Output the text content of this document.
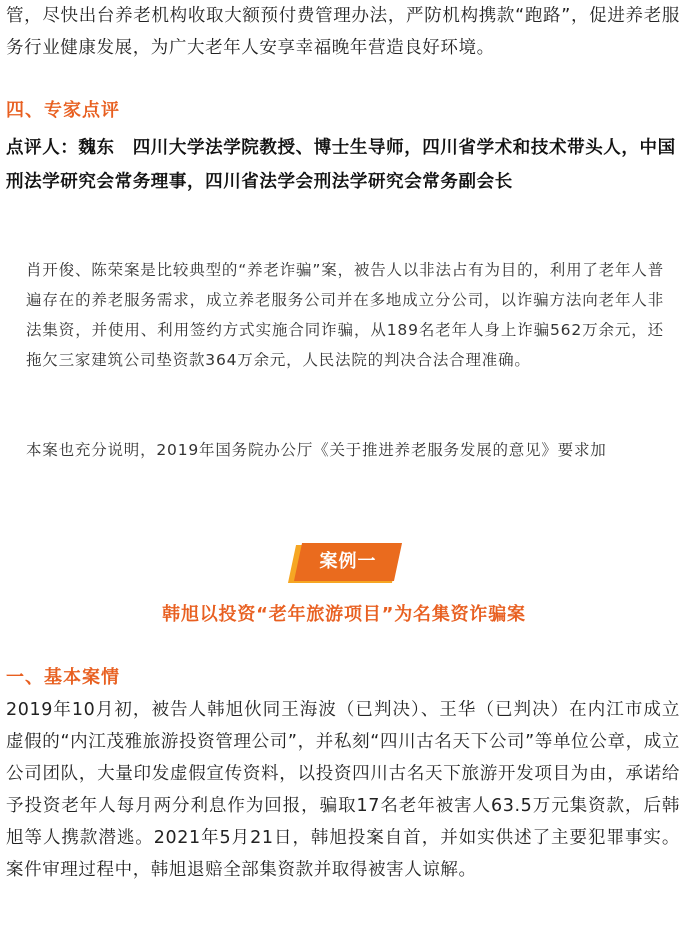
管，尽快出台养老机构收取大额预付费管理办法，严防机构携款“跑路”，促进养老服务行业健康发展，为广大老年人安享幸福晚年营造良好环境。

四、专家点评
点评人：魏东　四川大学法学院教授、博士生导师，四川省学术和技术带头人，中国刑法学研究会常务理事，四川省法学会刑法学研究会常务副会长

肖开俊、陈荣案是比较典型的“养老诈骗”案，被告人以非法占有为目的，利用了老年人普遍存在的养老服务需求，成立养老服务公司并在多地成立分公司，以诈骗方法向老年人非法集资，并使用、利用签约方式实施合同诈骗，从189名老年人身上诈骗562万余元，还拖欠三家建筑公司垫资款364万余元，人民法院的判决合法合理准确。

本案也充分说明，2019年国务院办公厅《关于推进养老服务发展的意见》要求加

案例一
韩旭以投资“老年旅游项目”为名集资诈骗案
一、基本案情

2019年10月初，被告人韩旭伙同王海波（已判决）、王华（已判决）在内江市成立虚假的“内江茂雅旅游投资管理公司”，并私刻“四川古名天下公司”等单位公章，成立公司团队，大量印发虚假宣传资料，以投资四川古名天下旅游开发项目为由，承诺给予投资老年人每月两分利息作为回报，骗取17名老年被害人63.5万元集资款，后韩旭等人携款潜逃。2021年5月21日，韩旭投案自首，并如实供述了主要犯罪事实。案件审理过程中，韩旭退赔全部集资款并取得被害人谅解。
